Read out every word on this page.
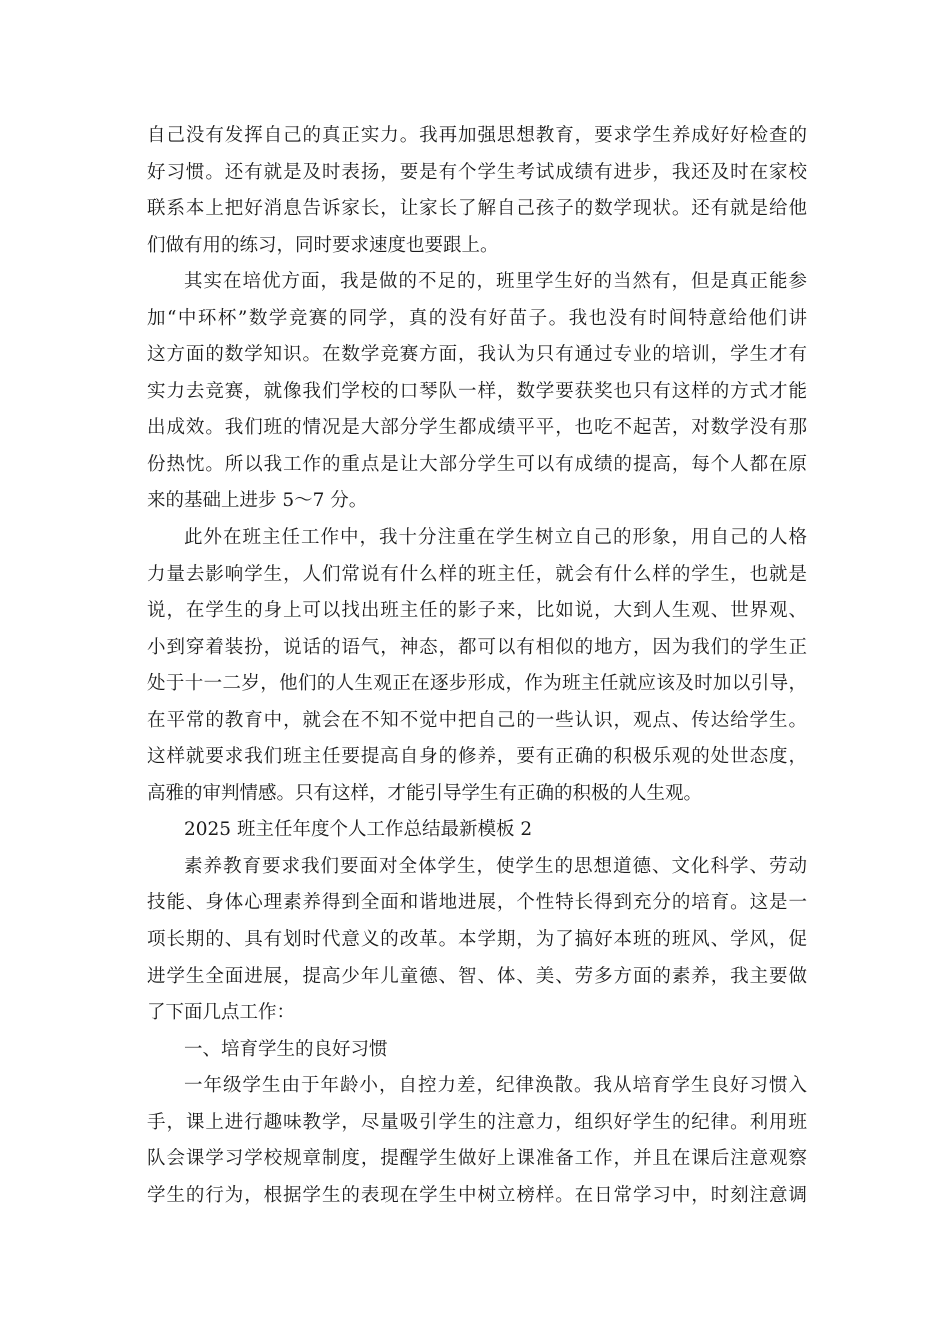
自己没有发挥自己的真正实力。我再加强思想教育，要求学生养成好好检查的
好习惯。还有就是及时表扬，要是有个学生考试成绩有进步，我还及时在家校
联系本上把好消息告诉家长，让家长了解自己孩子的数学现状。还有就是给他
们做有用的练习，同时要求速度也要跟上。
其实在培优方面，我是做的不足的，班里学生好的当然有，但是真正能参
加“中环杯”数学竞赛的同学，真的没有好苗子。我也没有时间特意给他们讲
这方面的数学知识。在数学竞赛方面，我认为只有通过专业的培训，学生才有
实力去竞赛，就像我们学校的口琴队一样，数学要获奖也只有这样的方式才能
出成效。我们班的情况是大部分学生都成绩平平，也吃不起苦，对数学没有那
份热忱。所以我工作的重点是让大部分学生可以有成绩的提高，每个人都在原
来的基础上进步 5～7 分。
此外在班主任工作中，我十分注重在学生树立自己的形象，用自己的人格
力量去影响学生，人们常说有什么样的班主任，就会有什么样的学生，也就是
说，在学生的身上可以找出班主任的影子来，比如说，大到人生观、世界观、
小到穿着装扮，说话的语气，神态，都可以有相似的地方，因为我们的学生正
处于十一二岁，他们的人生观正在逐步形成，作为班主任就应该及时加以引导，
在平常的教育中，就会在不知不觉中把自己的一些认识，观点、传达给学生。
这样就要求我们班主任要提高自身的修养，要有正确的积极乐观的处世态度，
高雅的审判情感。只有这样，才能引导学生有正确的积极的人生观。
2025 班主任年度个人工作总结最新模板 2
素养教育要求我们要面对全体学生，使学生的思想道德、文化科学、劳动
技能、身体心理素养得到全面和谐地进展，个性特长得到充分的培育。这是一
项长期的、具有划时代意义的改革。本学期，为了搞好本班的班风、学风，促
进学生全面进展，提高少年儿童德、智、体、美、劳多方面的素养，我主要做
了下面几点工作：
一、培育学生的良好习惯
一年级学生由于年龄小，自控力差，纪律涣散。我从培育学生良好习惯入
手，课上进行趣味教学，尽量吸引学生的注意力，组织好学生的纪律。利用班
队会课学习学校规章制度，提醒学生做好上课准备工作，并且在课后注意观察
学生的行为，根据学生的表现在学生中树立榜样。在日常学习中，时刻注意调
